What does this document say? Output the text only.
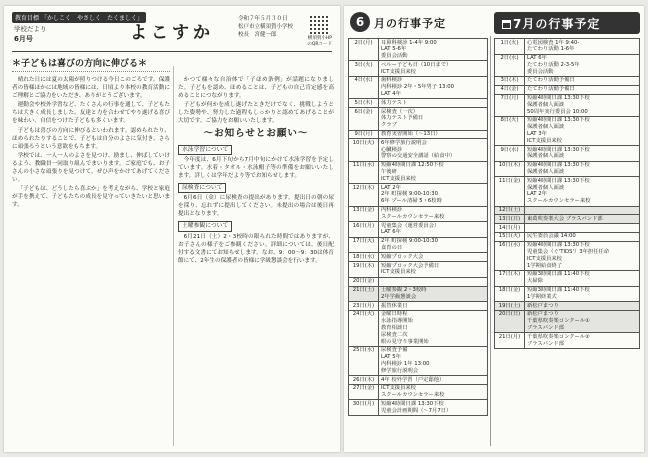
教育目標 「かしこく　やさしく　たくましく」
学校だより
6月号	よこすか
令和７年５月３０日
松戸市立横須賀小学校
校長　宮健一郎
横須賀小HP
のQRコード
＊子どもは喜びの方向に伸びる＊

晴れた日には夏の太陽が照りつける今日このごろです。保護者の皆様ほかには地域の皆様には、日頃より本校の教育活動にご理解とご協力をいただき、ありがとうございます。

運動会や校外学習など、たくさんの行事を通して、子どもたちは大きく成長しました。友達と力を合わせてやり遂げる喜びを味わい、自信をつけた子どもも多くいます。

子どもは喜びの方向に伸びるといわれます。認められたり、ほめられたりすることで、子どもは自分のよさに気付き、さらに頑張ろうという意欲をもちます。

学校では、一人一人のよさを見つけ、励まし、伸ばしていけるよう、教職員一同取り組んでまいります。ご家庭でも、お子さんの小さな頑張りを見つけて、ぜひ声をかけてあげてください。

「子どもは、どうしたら喜ぶか」を考えながら、学校と家庭が手を携えて、子どもたちの成長を見守っていきたいと思います。

かつて様々な自治体で「子ほめ条例」が話題になりました。子どもを認め、ほめることは、子どもの自己肯定感を高めることにつながります。

子どもが何かを成し遂げたときだけでなく、挑戦しようとした姿勢や、努力した過程もしっかりと認めてあげることが大切です。ご協力をお願いいたします。

～お知らせとお願い～
水泳学習について

今年度は、6月下旬から7月中旬にかけて水泳学習を予定しています。水着・タオル・水泳帽子等の準備をお願いいたします。詳しくは学年だより等でお知らせします。

尿検査について

6月6日（金）に尿検査の提出があります。提出日の朝の尿を採り、忘れずに提出してください。未提出の場合は後日再提出となります。

土曜参観について

6月21日（土）2・3校時の限られた時間ではありますが、お子さんの様子をご参観ください。詳細については、後日配付する文書にてお知らせします。なお、9：00～9：30は体育館にて、2年生の保護者の皆様に学級懇談会を行います。

6 月の行事予定	7月の行事予定
2日(月)	耳鼻科検診 1-4年 9:00
LAT 5-6年
委員会活動
3日(火)	ペルー子ども日（10日まで）
ICT支援員来校
4日(水)	歯科検診
内科検診 2年・5年男子 13:00
LAT 4年
5日(木)	体力テスト
6日(金)	尿検査（一次）
体力テスト予備日
クラブ
9日(月)	教育実習開始（～13日）
10日(火)	6年修学旅行説明会
心臓検診
警察の交通安全講話（給食中）
11日(水)	短縮4時間日課 12:50下校
午後研
ICT支援員来校
12日(木)	LAT 2年
2年 町探検 9:00-10:30
6年 プール清掃 5・6校時
13日(金)	内科検診
スクールカウンセラー来校
16日(月)	児童集会（運営委員会）
LAT 6年
17日(火)	2年 町探検 9:00-10:30
食育の日
18日(水)	短縮プロック大会
19日(木)	短縮プロック大会予備日
ICT支援員来校
20日(金)	
21日(土)	土曜参観 2・3校時
2年学級懇談会
23日(月)	振替休業日
24日(火)	金曜日時程
水泳指導開始
教育相談日
尿検査二次
眼の見守り事業開始
25日(水)	尿検査予備
LAT 5年
内科検診 1年 13:00
修学旅行説明会
26日(木)	4年 校外学習（戸定邸他）
27日(金)	ICT支援員来校
スクールカウンセラー来校
30日(月)	短縮4時間日課 13:30下校
児童会計画期間（～7月7日）
1日(火)	心電図検査 1年 9:40-
たてわり活動 1-6年
2日(水)	LAT 6年
たてわり活動 2-3-5年
委員会活動
3日(木)	たてわり活動予備日
4日(金)	たてわり活動予備日
7日(月)	短縮4時間日課 13:30下校
保護者個人面談
50周年実行委員会 10:00
8日(火)	短縮4時間日課 13:30下校
保護者個人面談
LAT 3年
ICT支援員来校
9日(水)	短縮4時間日課 13:30下校
保護者個人面談
10日(木)	短縮4時間日課 13:30下校
保護者個人面談
11日(金)	短縮4時間日課 13:30下校
保護者個人面談
LAT 2年
スクールカウンセラー来校
12日(土)	
13日(日)	東葛吹奏楽大会 ブラスバンド部
14日(月)	
15日(火)	民生委員会議 14:00
16日(水)	短縮4時間日課 13:30下校
児童集会（ぐ'TIDS'）3年担任任命
ICT支援員来校
1学期給食終了
17日(木)	短縮3時間日課 11:40下校
大掃除
18日(金)	短縮3時間日課 11:40下校
1学期終業式
19日(土)	新松戸まつり
20日(日)	新松戸まつり
千葉県吹奏楽コンクール①
ブラスバンド部
21日(月)	千葉県吹奏楽コンクール②
ブラスバンド部
